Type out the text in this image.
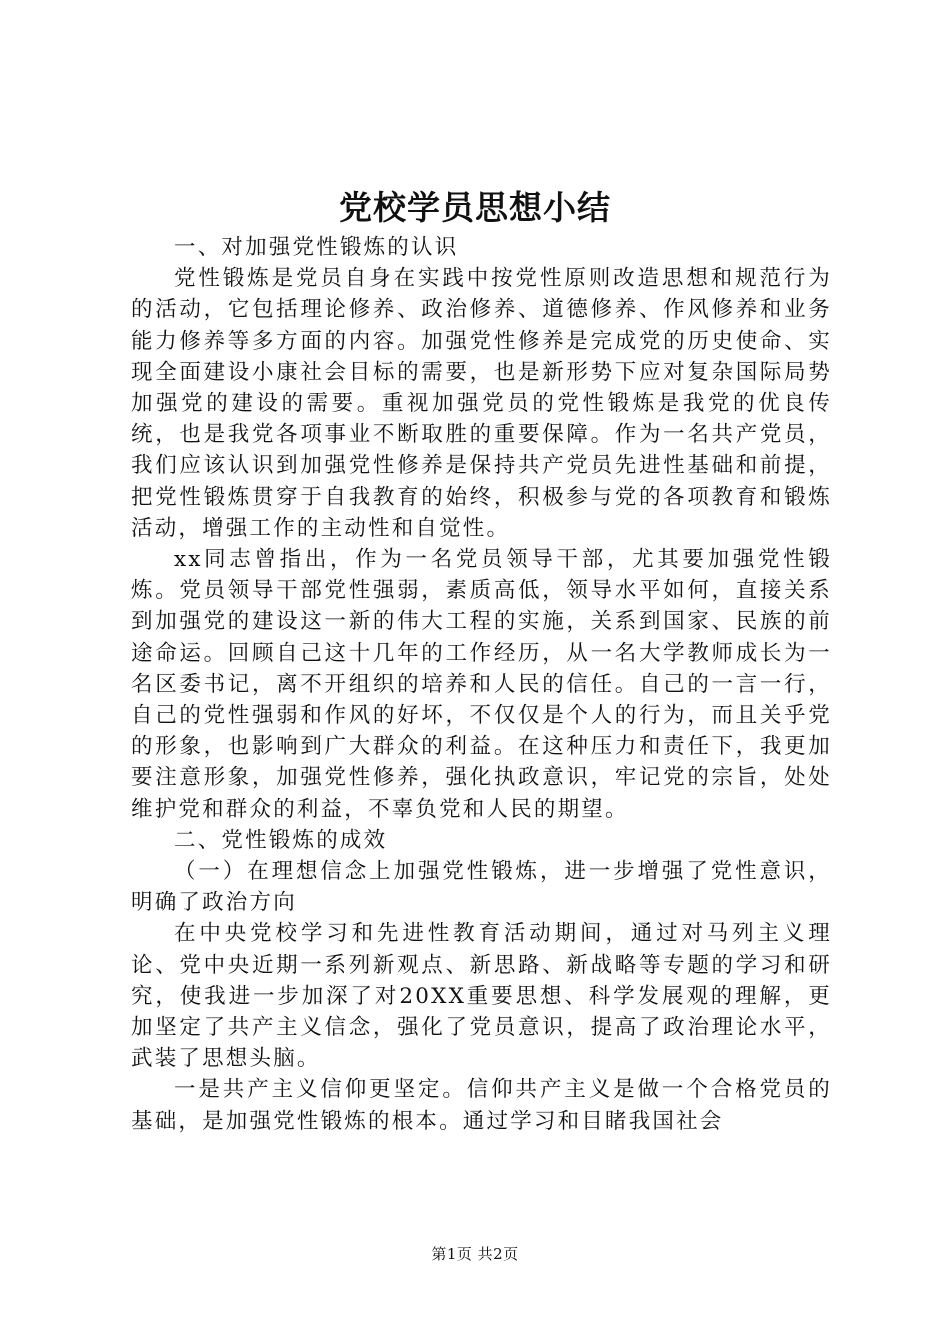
党校学员思想小结

一、对加强党性锻炼的认识

党性锻炼是党员自身在实践中按党性原则改造思想和规范行为的活动，它包括理论修养、政治修养、道德修养、作风修养和业务能力修养等多方面的内容。加强党性修养是完成党的历史使命、实现全面建设小康社会目标的需要，也是新形势下应对复杂国际局势加强党的建设的需要。重视加强党员的党性锻炼是我党的优良传统，也是我党各项事业不断取胜的重要保障。作为一名共产党员，我们应该认识到加强党性修养是保持共产党员先进性基础和前提，把党性锻炼贯穿于自我教育的始终，积极参与党的各项教育和锻炼活动，增强工作的主动性和自觉性。

xx同志曾指出，作为一名党员领导干部，尤其要加强党性锻炼。党员领导干部党性强弱，素质高低，领导水平如何，直接关系到加强党的建设这一新的伟大工程的实施，关系到国家、民族的前途命运。回顾自己这十几年的工作经历，从一名大学教师成长为一名区委书记，离不开组织的培养和人民的信任。自己的一言一行，自己的党性强弱和作风的好坏，不仅仅是个人的行为，而且关乎党的形象，也影响到广大群众的利益。在这种压力和责任下，我更加要注意形象，加强党性修养，强化执政意识，牢记党的宗旨，处处维护党和群众的利益，不辜负党和人民的期望。

二、党性锻炼的成效

（一）在理想信念上加强党性锻炼，进一步增强了党性意识，明确了政治方向

在中央党校学习和先进性教育活动期间，通过对马列主义理论、党中央近期一系列新观点、新思路、新战略等专题的学习和研究，使我进一步加深了对20XX重要思想、科学发展观的理解，更加坚定了共产主义信念，强化了党员意识，提高了政治理论水平，武装了思想头脑。

一是共产主义信仰更坚定。信仰共产主义是做一个合格党员的基础，是加强党性锻炼的根本。通过学习和目睹我国社会

第1页 共2页
